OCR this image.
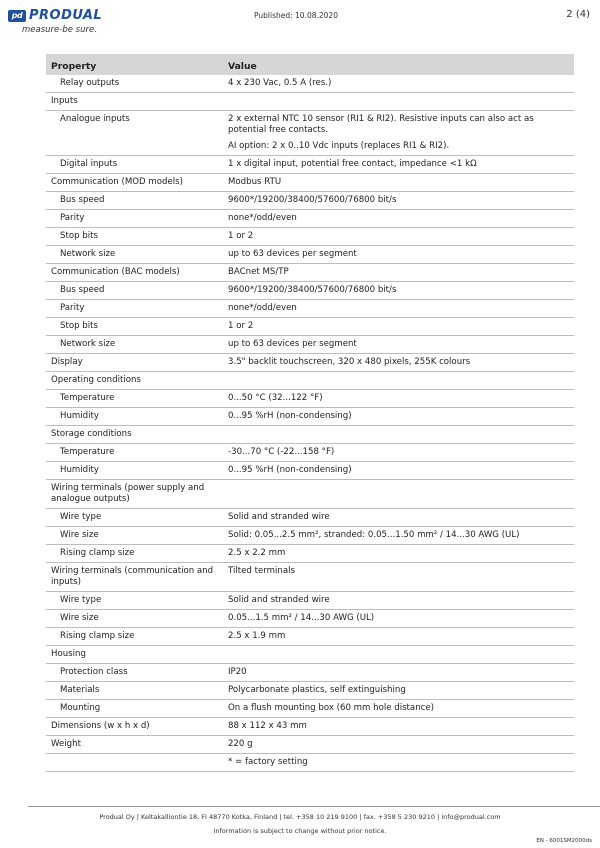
pd PRODUAL
measure-be sure.
Published: 10.08.2020	2 (4)
Property	Value
Relay outputs	4 x 230 Vac, 0.5 A (res.)

Inputs	

Analogue inputs	2 x external NTC 10 sensor (RI1 & RI2). Resistive inputs can also act as potential free contacts.

AI option: 2 x 0..10 Vdc inputs (replaces RI1 & RI2).

Digital inputs	1 x digital input, potential free contact, impedance <1 kΩ

Communication (MOD models)	Modbus RTU

Bus speed	9600*/19200/38400/57600/76800 bit/s

Parity	none*/odd/even

Stop bits	1 or 2

Network size	up to 63 devices per segment

Communication (BAC models)	BACnet MS/TP

Bus speed	9600*/19200/38400/57600/76800 bit/s

Parity	none*/odd/even

Stop bits	1 or 2

Network size	up to 63 devices per segment

Display	3.5" backlit touchscreen, 320 x 480 pixels, 255K colours

Operating conditions	

Temperature	0...50 °C (32...122 °F)

Humidity	0...95 %rH (non-condensing)

Storage conditions	

Temperature	-30...70 °C (-22...158 °F)

Humidity	0...95 %rH (non-condensing)

Wiring terminals (power supply and analogue outputs)	

Wire type	Solid and stranded wire

Wire size	Solid: 0.05...2.5 mm², stranded: 0.05...1.50 mm² / 14...30 AWG (UL)

Rising clamp size	2.5 x 2.2 mm

Wiring terminals (communication and inputs)	Tilted terminals

Wire type	Solid and stranded wire

Wire size	0.05...1.5 mm² / 14...30 AWG (UL)

Rising clamp size	2.5 x 1.9 mm

Housing	

Protection class	IP20

Materials	Polycarbonate plastics, self extinguishing

Mounting	On a flush mounting box (60 mm hole distance)

Dimensions (w x h x d)	88 x 112 x 43 mm

Weight	220 g

	* = factory setting

Produal Oy | Keltakalliontie 18, FI 48770 Kotka, Finland | tel. +358 10 219 9100 | fax. +358 5 230 9210 | info@produal.com
Information is subject to change without prior notice.
EN - 6001SM2000ds
